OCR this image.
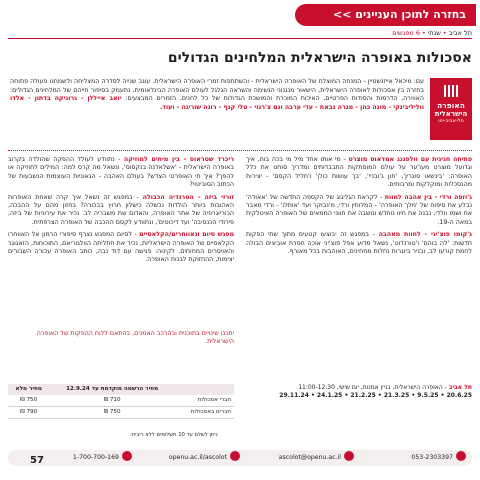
בחזרה לתוכן העניינים >>
תל אביב•שנתי•6 מפגשים
אסכולות באופרה הישראלית המלחינים הגדולים
האופרה
הישראלית
תל-אביב-יפו
עם: מיכאל אייזנשטיין - המנחה המוצלח של האופרה הישראלית - והשתתפות זמרי האופרה הישראלית. עוגב שנייה לסדרה המצליחה ולשמחנו פעולה פתוחה בחזרה בין אסכולות לאופרה הישראלית, הישאור מנגנוני הנשימה והשראה הגלגל לעולם האופרה הבינלאומית, נתעמק בסיפור חייהם של המלחינים הגדולים: האווירה, הדרמות והסודות הפרטיים, האיכות המוכרת והמושכת הגדולות של כל לחנים. הזמרים המבצעים: יואב אייללן - גרוגיקה בדתון - אלדו ווליליבינקי - מונה כהן - מגרה נבאת - עדי ערבה וגם צ'רנוי - טלי קנף - רונה שוריגה - ועוד.

פתיחה חגיגית עם וולפגנג אמדאוס מוצרט - מי אותו אחד מיל מי בכה בוח, איך וגדועל מוצרט מערער על עולם המוסתקות התבבדותים ומדריך סוחט את כלל האופרה: 'בינשאו סוגרין', 'חון ג'ובניי', 'בך עושות כולן' ו'חליל הקסם' - יצירות מהנסכלות ומוקלקות ומרבותים.

ג'וזפה ורדי - בין אהבה למוות - לקראת הגליגוג של הקספה החדשה של 'אאודה' נבלע את סיפוח של 'מלך האופרה' - המלוחין ורדי, מ'נבוקו' ועד 'אותלו' - ורדי מאבר את ושמו וולדי, נבנה את חיוו נוחדש ונושבה את תווני הממאים של האופרה האיטלקית במאה ה-19.

ג'קומו פוצ'יני - לחוות מאהבה - במפגש זה יבוצעו קטעים מתוך שתי הפקות חדשות: 'לה בוהם' ו'טורנדוט', נשאל מדוע אפל פוצ'יני אוכה חסרת אוביצים הבולה לחמת קורעו לב, ובניר ביוגרות נחלות מחחינים, האוהבות בכל מאורף.

ריכרד שטראוס - בין מיתים למוזיקה - נתוודע לעולד ההפקה שהולדה בקרוב באופרה הישראלית - 'אשלאדנה בנקסוס', ונשאל מה קרס למה: המילים לחוזיקה או להפך? איך חי האופרטי הצדש? בעולם האהבה - הגאוניות העוצמות הנשבעות של הכתוב הסוביטוי?

זורזי ביזה - הטרגדיה הכבולה - במפגש זה נשאל איך קרה שאחת האופרות האהובות ביותר הולדות נכשלה כישלון חרוץ בבכורה? בחזון מהם על ההבכה, הכוריוגרפיה של אתר האופרה, והאדום שת משבריה לב. נכיר את עירוניות של ביזה, פירודי הכנסיבה' ועד דיכוטים', ונתוודע לקסם ההכבה של האופרה הצרפתית.

מפגש סיום וגאווחרים/הקלאסיים - לסיום המפגש נצרף סיפורי הרמון אל האווחרו הקלאסיים של האופרה הישראליות, נכיר את חתליתה הוולגוריאם, התוכוחות, הזאגוגר והאויסרים המחוחים. לקינוה: פגישה עם דוד נבה, כותב האופרה עכורה השבורים יצימות, ההחזוקת לבנות האופרה.

יתכנו שינויים בתוכנית ובהרכב האמנים, בהתאם ללוח ההפקות של האופרה הישראלית.
תל אביב - האופרה הישראלית, בניין אמנות, יום שישי, 11:00-12:30
20.6.25 • 9.5.25 • 21.3.25 • 21.2.25 • 24.1.25 • 29.11.24
	מחיר הרשמה מוקדמת עד 12.9.24	מחיר מלא
חברי אסכולות	710 ₪	750 ₪
חברים באסכולות	750 ₪	790 ₪
ניתן לשלם עד 10 תשלומים ללא ריבית.
053-2303397
ascolot@openu.ac.il
openu.ac.il/ascolot
1-700-700-169
57
